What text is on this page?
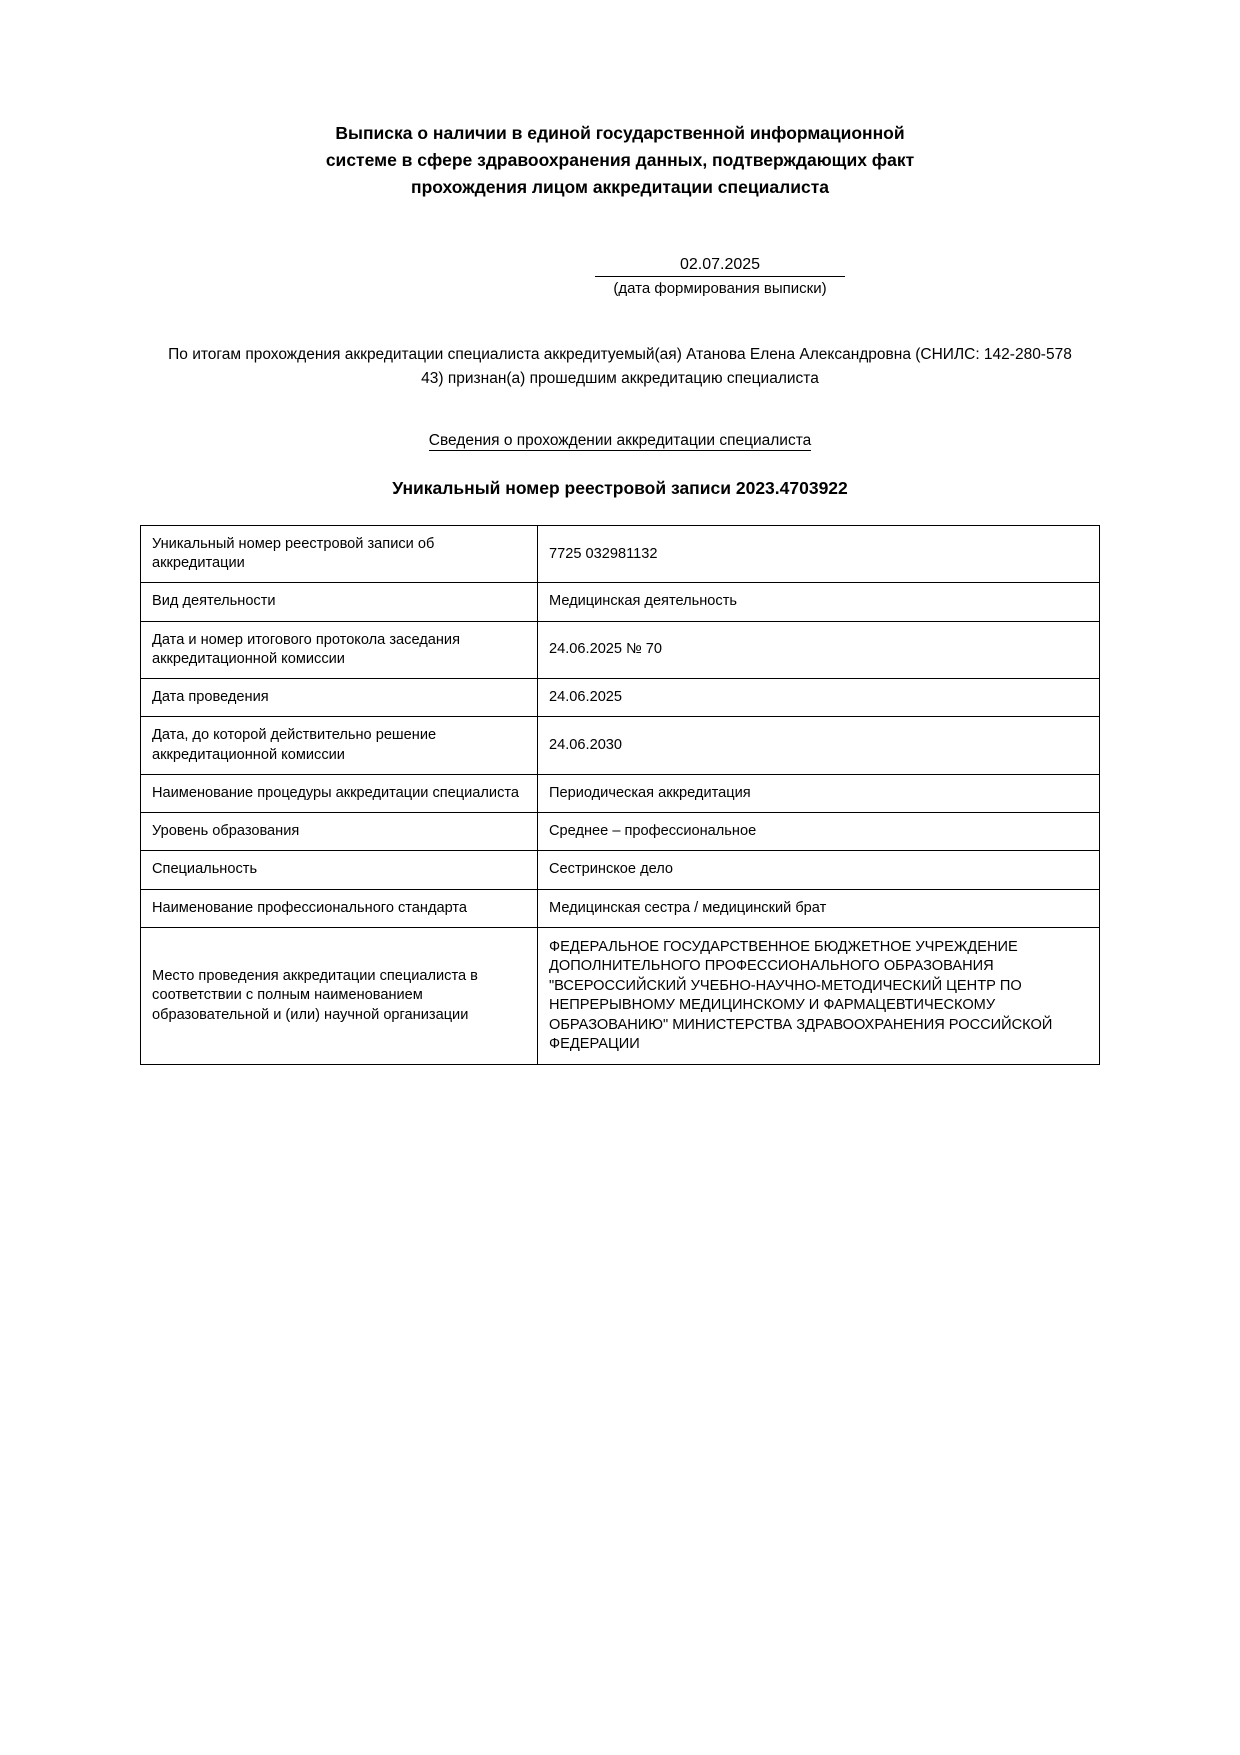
Выписка о наличии в единой государственной информационной
системе в сфере здравоохранения данных, подтверждающих факт
прохождения лицом аккредитации специалиста
02.07.2025
(дата формирования выписки)
По итогам прохождения аккредитации специалиста аккредитуемый(ая) Атанова Елена Александровна (СНИЛС: 142-280-578 43) признан(а) прошедшим аккредитацию специалиста
Сведения о прохождении аккредитации специалиста
Уникальный номер реестровой записи 2023.4703922
Уникальный номер реестровой записи об аккредитации	7725 032981132
Вид деятельности	Медицинская деятельность
Дата и номер итогового протокола заседания аккредитационной комиссии	24.06.2025 № 70
Дата проведения	24.06.2025
Дата, до которой действительно решение аккредитационной комиссии	24.06.2030
Наименование процедуры аккредитации специалиста	Периодическая аккредитация
Уровень образования	Среднее – профессиональное
Специальность	Сестринское дело
Наименование профессионального стандарта	Медицинская сестра / медицинский брат
Место проведения аккредитации специалиста в соответствии с полным наименованием образовательной и (или) научной организации	ФЕДЕРАЛЬНОЕ ГОСУДАРСТВЕННОЕ БЮДЖЕТНОЕ УЧРЕЖДЕНИЕ ДОПОЛНИТЕЛЬНОГО ПРОФЕССИОНАЛЬНОГО ОБРАЗОВАНИЯ "ВСЕРОССИЙСКИЙ УЧЕБНО-НАУЧНО-МЕТОДИЧЕСКИЙ ЦЕНТР ПО НЕПРЕРЫВНОМУ МЕДИЦИНСКОМУ И ФАРМАЦЕВТИЧЕСКОМУ ОБРАЗОВАНИЮ" МИНИСТЕРСТВА ЗДРАВООХРАНЕНИЯ РОССИЙСКОЙ ФЕДЕРАЦИИ
